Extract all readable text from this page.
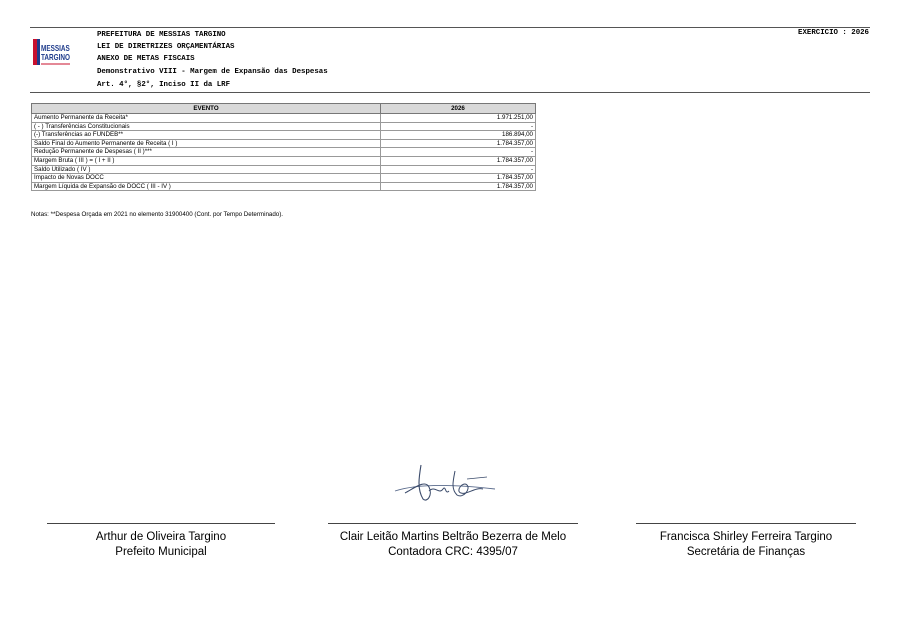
MESSIAS
TARGINO
PREFEITURA DE MESSIAS TARGINO
LEI DE DIRETRIZES ORÇAMENTÁRIAS
ANEXO DE METAS FISCAIS
Demonstrativo VIII - Margem de Expansão das Despesas
Art. 4°, §2°, Inciso II da LRF
EXERCICIO : 2026
EVENTO	2026
Aumento Permanente da Receita*	1.971.251,00
( - ) Transferências Constitucionais	-
(-) Transferências ao FUNDEB**	186.894,00
Saldo Final do Aumento Permanente de Receita ( I )	1.784.357,00
Redução Permanente de Despesas ( II )***	-
Margem Bruta ( III ) = ( I + II )	1.784.357,00
Saldo Utilizado ( IV )	-
Impacto de Novas DOCC	1.784.357,00
Margem Líquida de Expansão de DOCC ( III - IV )	1.784.357,00
Notas: **Despesa Orçada em 2021 no elemento 31900400 (Cont. por Tempo Determinado).
Arthur de Oliveira Targino
Prefeito Municipal
Clair Leitão Martins Beltrão Bezerra de Melo
Contadora CRC: 4395/07
Francisca Shirley Ferreira Targino
Secretária de Finanças
